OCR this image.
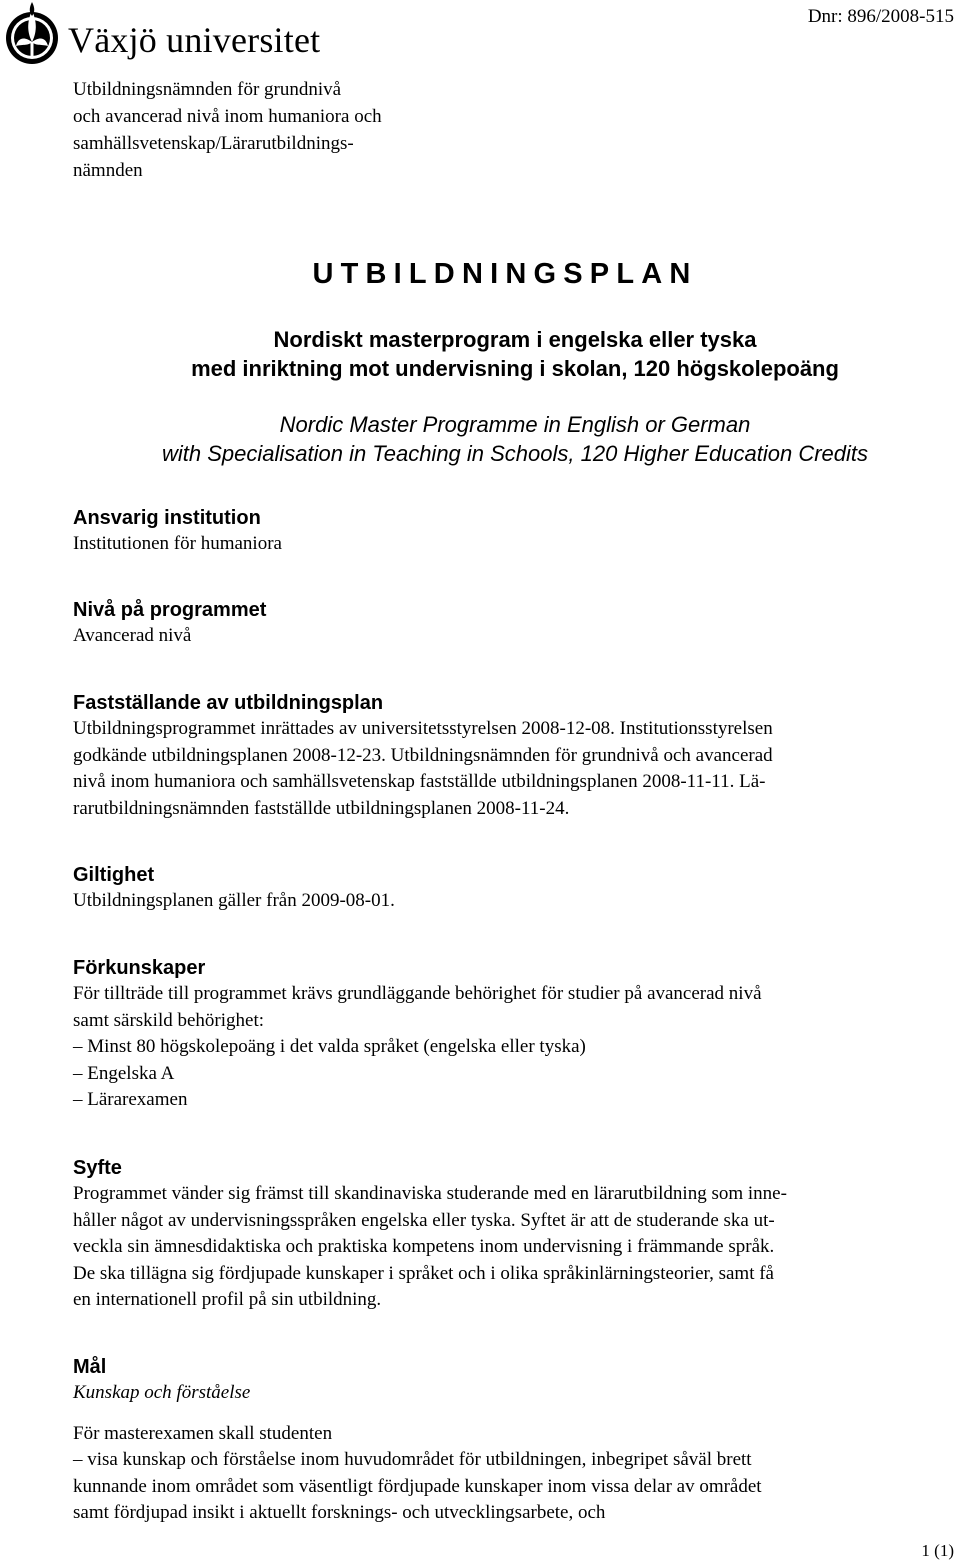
Växjö universitet
Dnr: 896/2008-515
Utbildningsnämnden för grundnivå
och avancerad nivå inom humaniora och
samhällsvetenskap/Lärarutbildnings-
nämnden
UTBILDNINGSPLAN
Nordiskt masterprogram i engelska eller tyska
med inriktning mot undervisning i skolan, 120 högskolepoäng
Nordic Master Programme in English or German
with Specialisation in Teaching in Schools, 120 Higher Education Credits
Ansvarig institution
Institutionen för humaniora
Nivå på programmet
Avancerad nivå
Fastställande av utbildningsplan
Utbildningsprogrammet inrättades av universitetsstyrelsen 2008-12-08. Institutionsstyrelsen
godkände utbildningsplanen 2008-12-23. Utbildningsnämnden för grundnivå och avancerad
nivå inom humaniora och samhällsvetenskap fastställde utbildningsplanen 2008-11-11. Lä-
rarutbildningsnämnden fastställde utbildningsplanen 2008-11-24.
Giltighet
Utbildningsplanen gäller från 2009-08-01.
Förkunskaper
För tillträde till programmet krävs grundläggande behörighet för studier på avancerad nivå
samt särskild behörighet:
– Minst 80 högskolepoäng i det valda språket (engelska eller tyska)
– Engelska A
– Lärarexamen
Syfte
Programmet vänder sig främst till skandinaviska studerande med en lärarutbildning som inne-
håller något av undervisningsspråken engelska eller tyska. Syftet är att de studerande ska ut-
veckla sin ämnesdidaktiska och praktiska kompetens inom undervisning i främmande språk.
De ska tillägna sig fördjupade kunskaper i språket och i olika språkinlärningsteorier, samt få
en internationell profil på sin utbildning.
Mål
Kunskap och förståelse
För masterexamen skall studenten
– visa kunskap och förståelse inom huvudområdet för utbildningen, inbegripet såväl brett
kunnande inom området som väsentligt fördjupade kunskaper inom vissa delar av området
samt fördjupad insikt i aktuellt forsknings- och utvecklingsarbete, och
1 (1)
